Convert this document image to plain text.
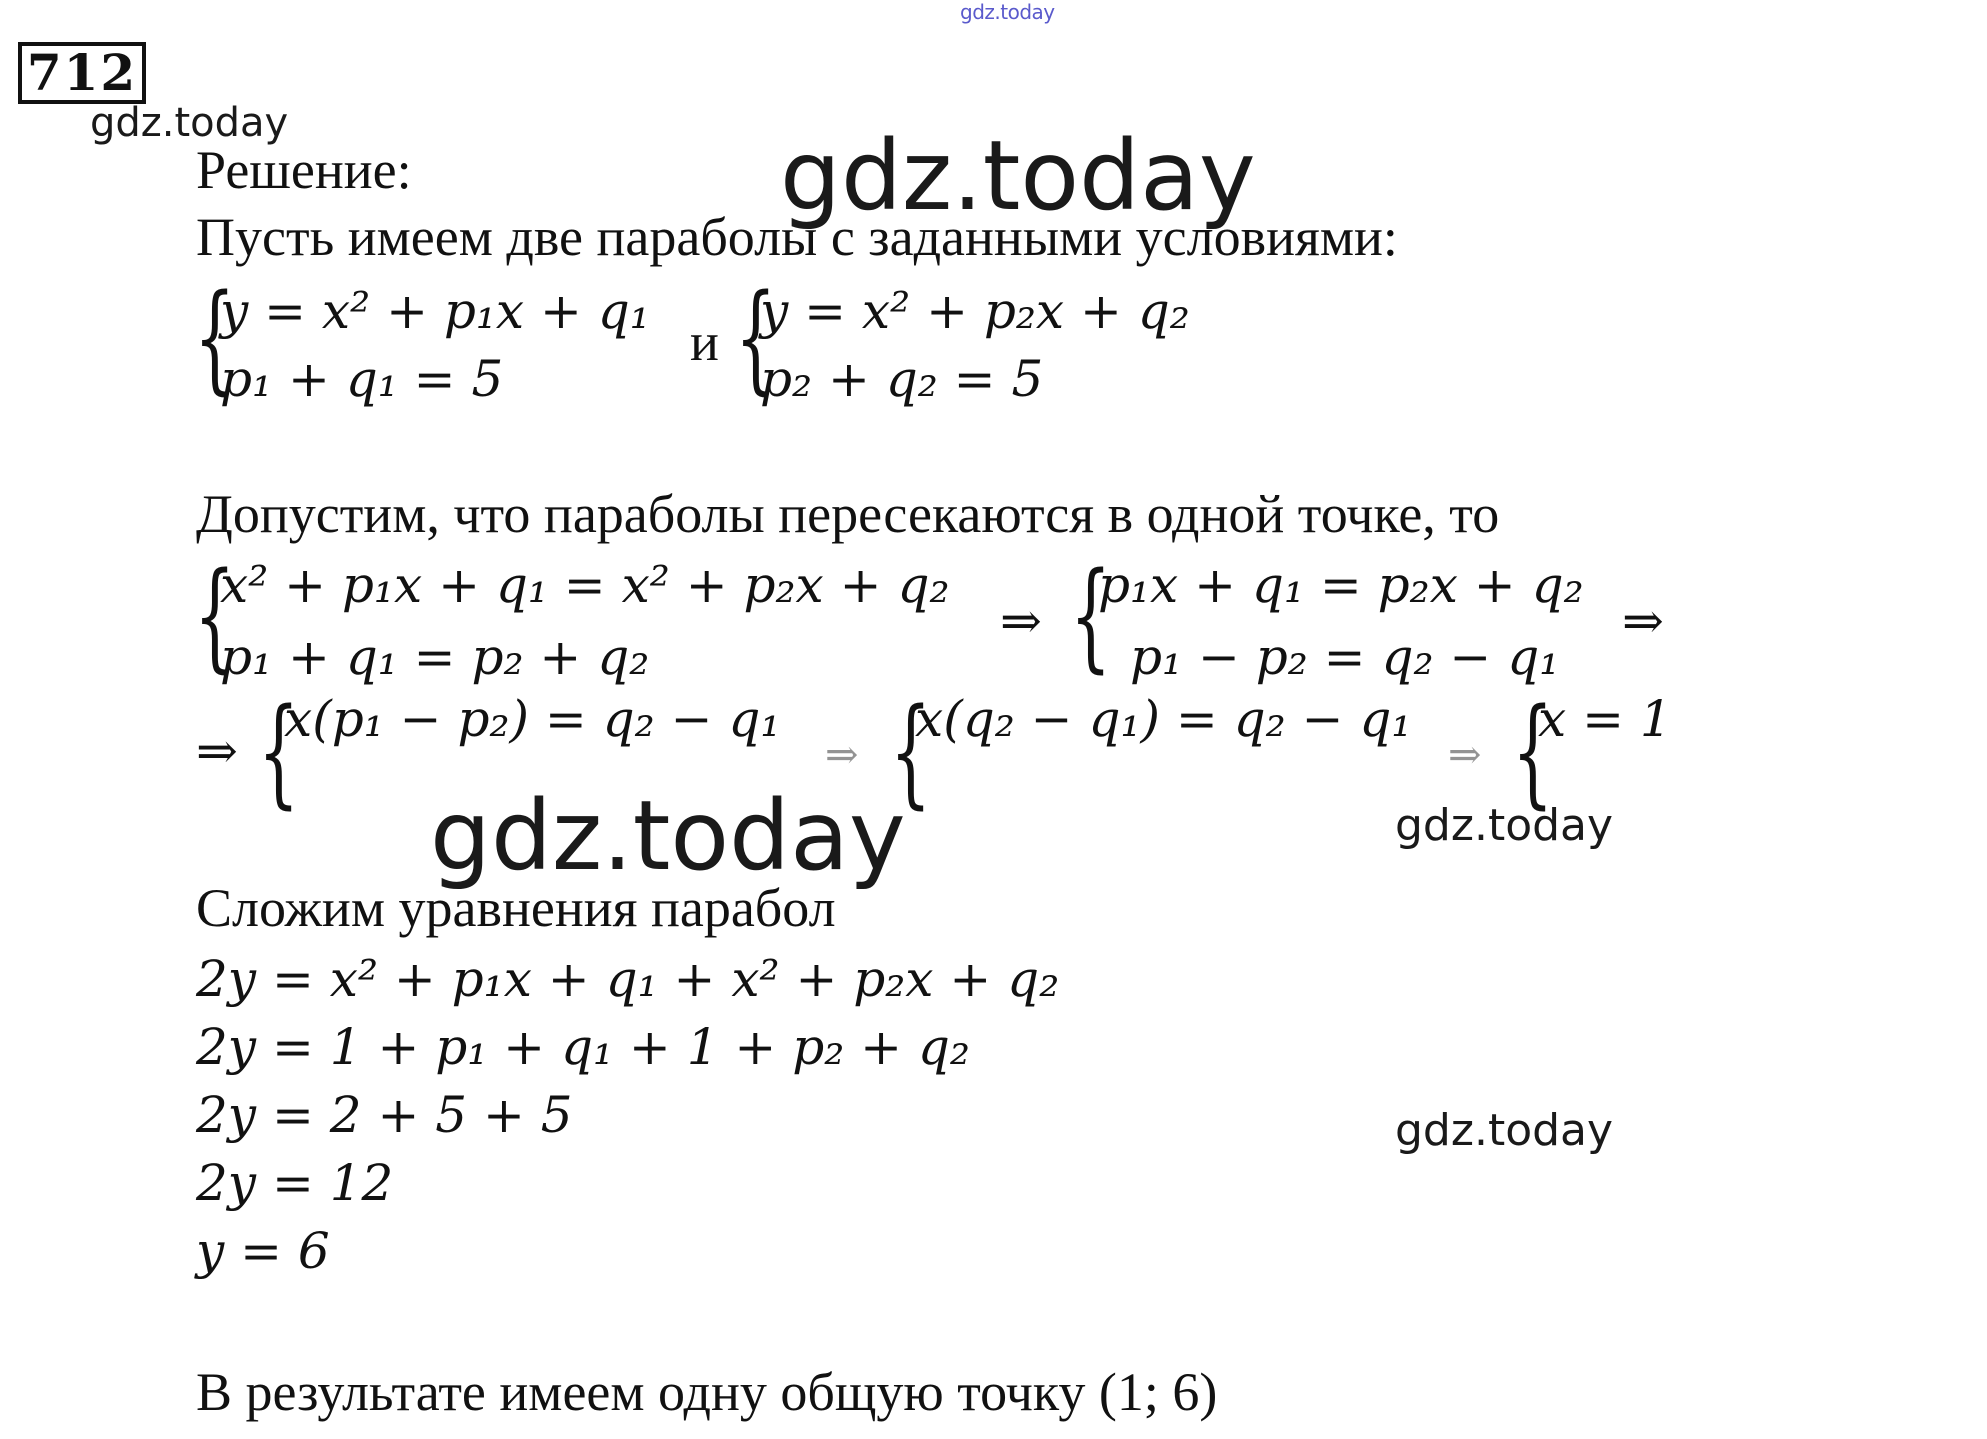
gdz.today
gdz.today	gdz.today
gdz.today	gdz.today
gdz.today
712
Решение:
Пусть имеем две параболы с заданными условиями:
{
y = x² + p₁x + q₁
p₁ + q₁ = 5
и {
y = x² + p₂x + q₂
p₂ + q₂ = 5
Допустим, что параболы пересекаются в одной точке, то
{
x² + p₁x + q₁ = x² + p₂x + q₂
p₁ + q₁ = p₂ + q₂
⇒ {
p₁x + q₁ = p₂x + q₂
p₁ − p₂ = q₂ − q₁
⇒
⇒ {
x(p₁ − p₂) = q₂ − q₁
⇒ {
x(q₂ − q₁) = q₂ − q₁
⇒ {
x = 1
Сложим уравнения парабол
2y = x² + p₁x + q₁ + x² + p₂x + q₂
2y = 1 + p₁ + q₁ + 1 + p₂ + q₂
2y = 2 + 5 + 5
2y = 12
y = 6
В результате имеем одну общую точку (1; 6)
